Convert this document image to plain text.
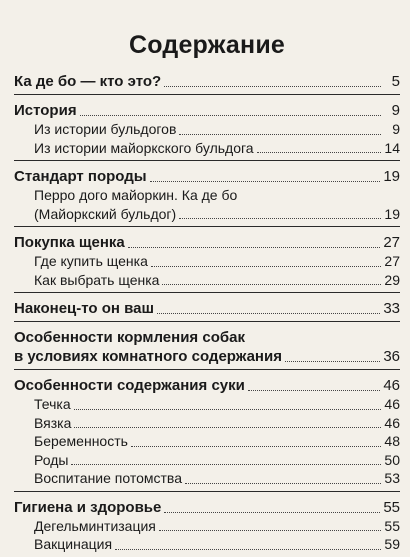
Содержание
Ка де бо — кто это?	5
История	9
Из истории бульдогов	9
Из истории майоркского бульдога	14
Стандарт породы	19
Перро дого майоркин. Ка де бо
(Майоркский бульдог)	19
Покупка щенка	27
Где купить щенка	27
Как выбрать щенка	29
Наконец-то он ваш	33
Особенности кормления собак
в условиях комнатного содержания	36
Особенности содержания суки	46
Течка	46
Вязка	46
Беременность	48
Роды	50
Воспитание потомства	53
Гигиена и здоровье	55
Дегельминтизация	55
Вакцинация	59
